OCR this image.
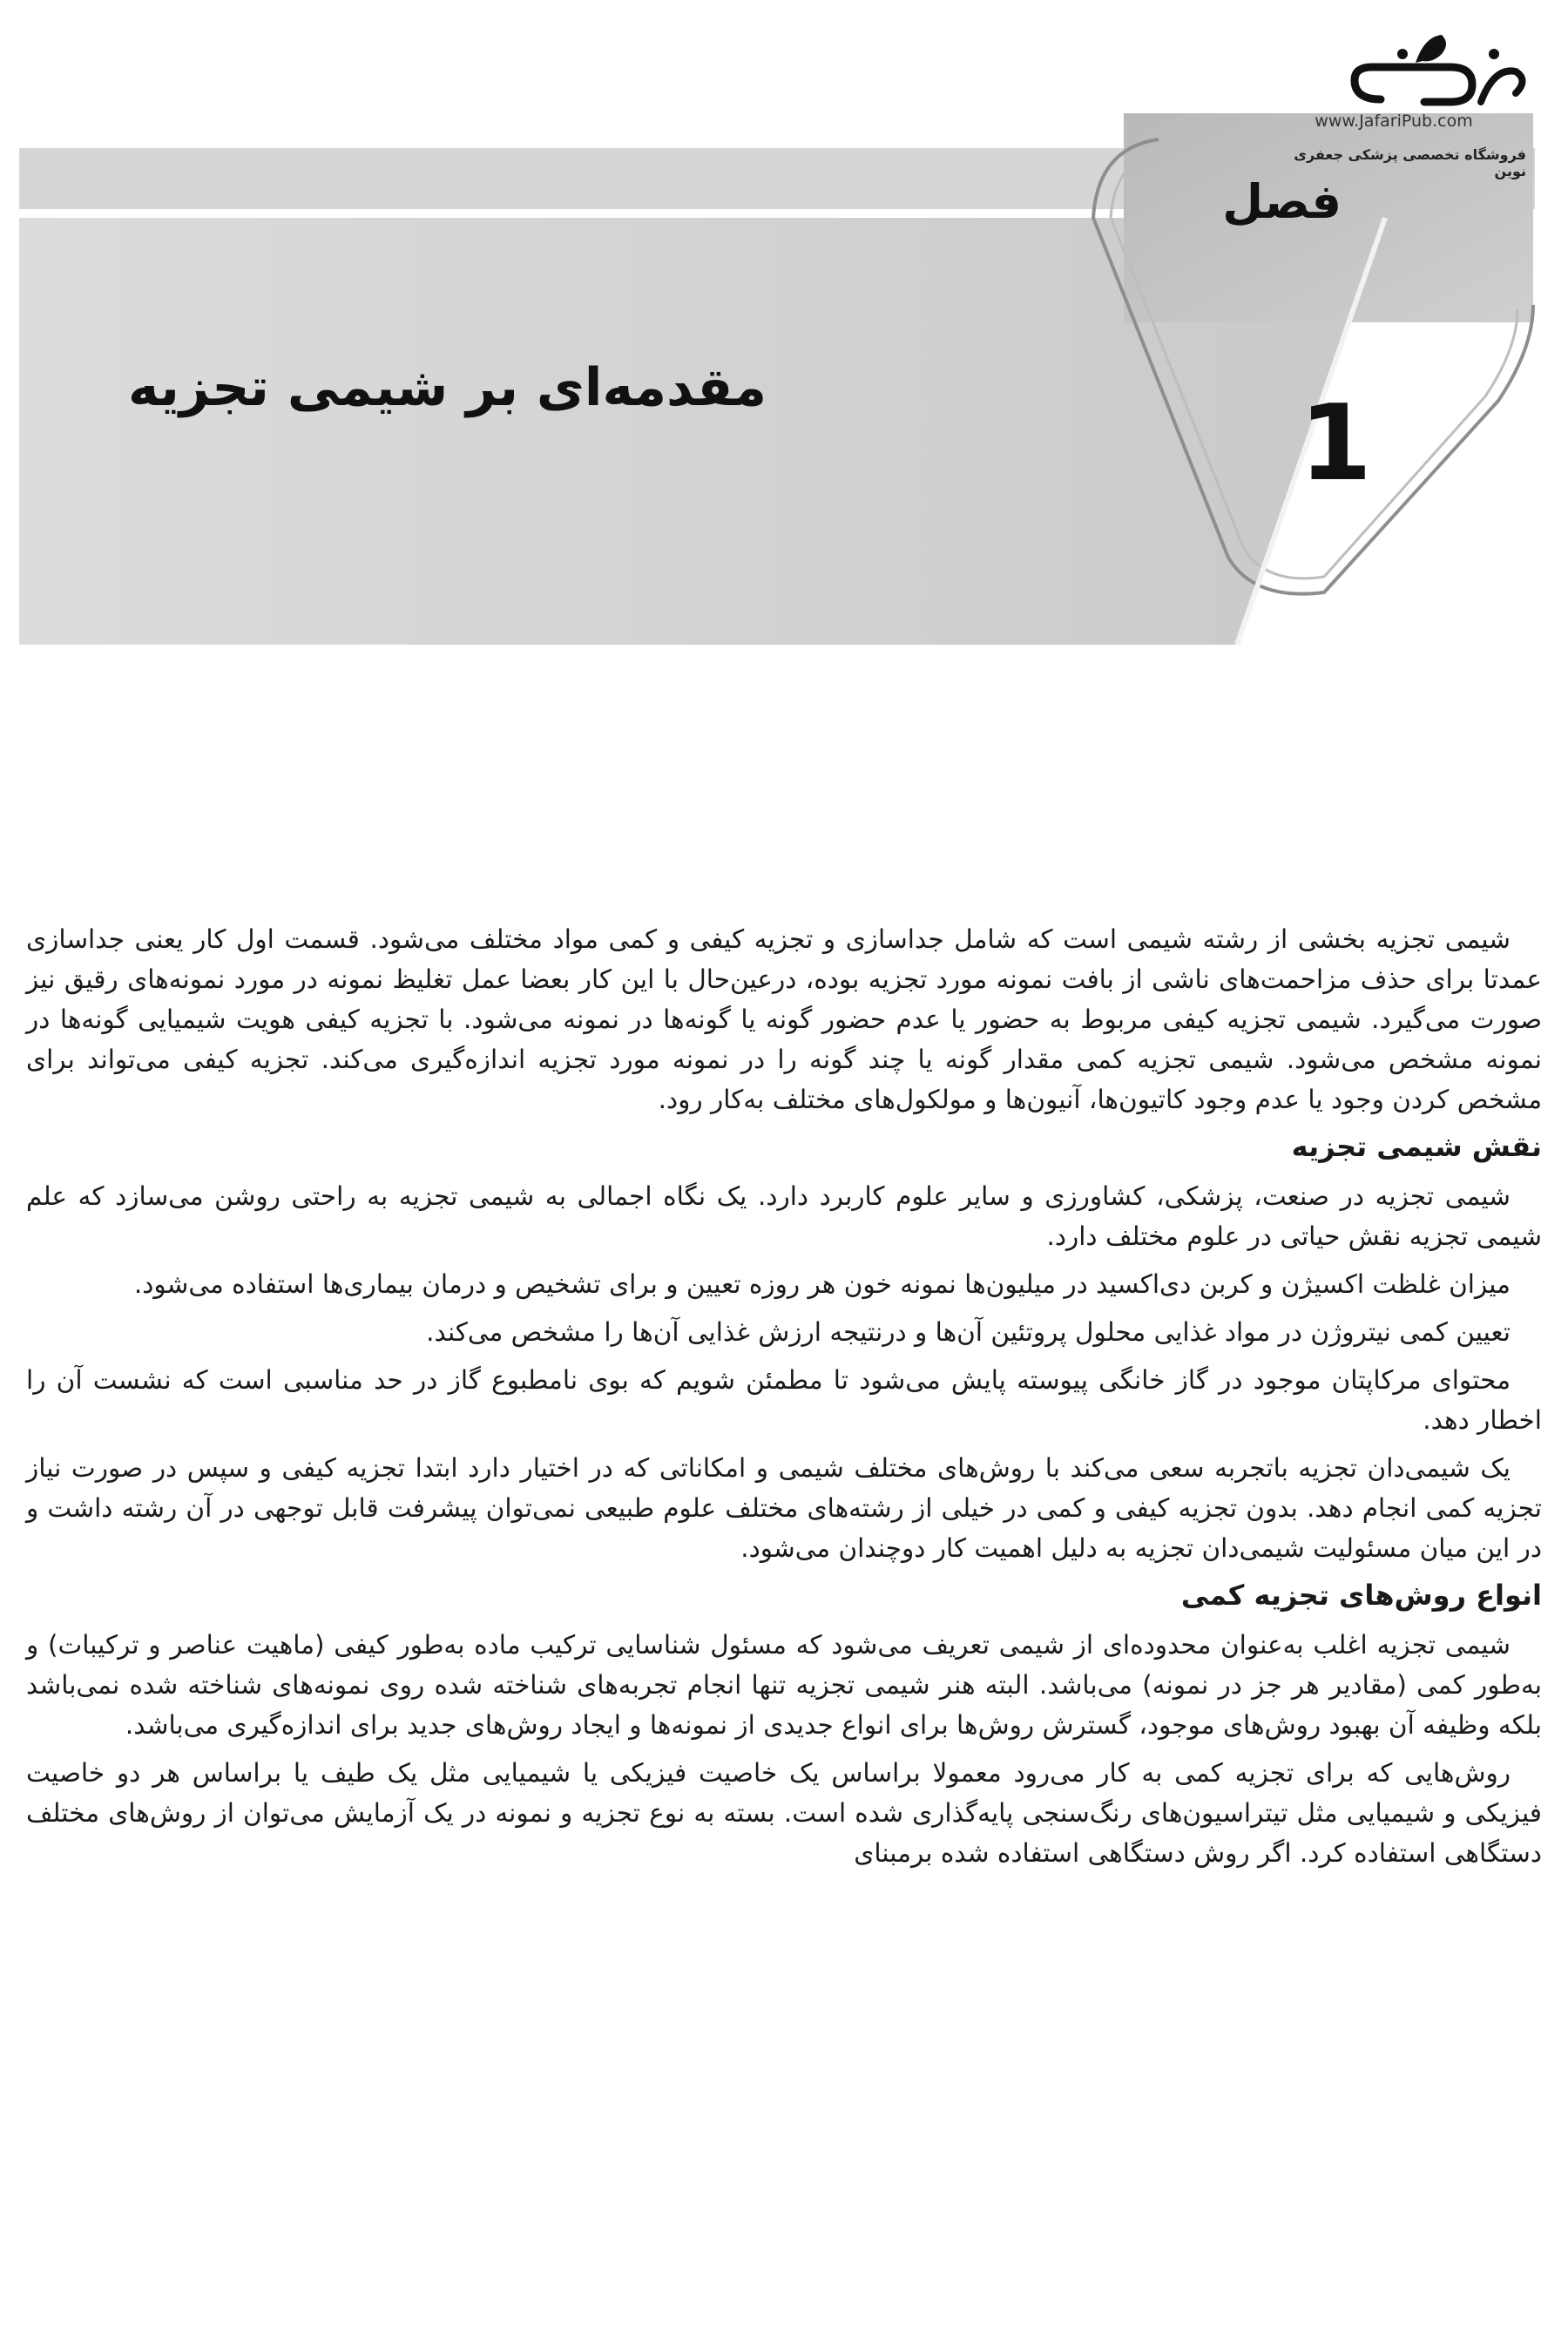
www.JafariPub.com
فروشگاه تخصصی پزشکی جعفری نوین
فصل
1
مقدمه‌ای بر شیمی تجزیه

شیمی تجزیه بخشی از رشته شیمی است که شامل جداسازی و تجزیه کیفی و کمی مواد مختلف می‌شود. قسمت اول کار یعنی جداسازی عمدتا برای حذف مزاحمت‌های ناشی از بافت نمونه مورد تجزیه بوده، درعین‌حال با این کار بعضا عمل تغلیظ نمونه در مورد نمونه‌های رقیق نیز صورت می‌گیرد. شیمی تجزیه کیفی مربوط به حضور یا عدم حضور گونه یا گونه‌ها در نمونه می‌شود. با تجزیه کیفی هویت شیمیایی گونه‌ها در نمونه مشخص می‌شود. شیمی تجزیه کمی مقدار گونه یا چند گونه را در نمونه مورد تجزیه اندازه‌گیری می‌کند. تجزیه کیفی می‌تواند برای مشخص کردن وجود یا عدم وجود کاتیون‌ها، آنیون‌ها و مولکول‌های مختلف به‌کار رود.

نقش شیمی تجزیه

شیمی تجزیه در صنعت، پزشکی، کشاورزی و سایر علوم کاربرد دارد. یک نگاه اجمالی به شیمی تجزیه به راحتی روشن می‌سازد که علم شیمی تجزیه نقش حیاتی در علوم مختلف دارد.

میزان غلظت اکسیژن و کربن دی‌اکسید در میلیون‌ها نمونه خون هر روزه تعیین و برای تشخیص و درمان بیماری‌ها استفاده می‌شود.

تعیین کمی نیتروژن در مواد غذایی محلول پروتئین آن‌ها و درنتیجه ارزش غذایی آن‌ها را مشخص می‌کند.

محتوای مرکاپتان موجود در گاز خانگی پیوسته پایش می‌شود تا مطمئن شویم که بوی نامطبوع گاز در حد مناسبی است که نشست آن را اخطار دهد.

یک شیمی‌دان تجزیه باتجربه سعی می‌کند با روش‌های مختلف شیمی و امکاناتی که در اختیار دارد ابتدا تجزیه کیفی و سپس در صورت نیاز تجزیه کمی انجام دهد. بدون تجزیه کیفی و کمی در خیلی از رشته‌های مختلف علوم طبیعی نمی‌توان پیشرفت قابل توجهی در آن رشته داشت و در این میان مسئولیت شیمی‌دان تجزیه به دلیل اهمیت کار دوچندان می‌شود.

انواع روش‌های تجزیه کمی

شیمی تجزیه اغلب به‌عنوان محدوده‌ای از شیمی تعریف می‌شود که مسئول شناسایی ترکیب ماده به‌طور کیفی (ماهیت عناصر و ترکیبات) و به‌طور کمی (مقادیر هر جز در نمونه) می‌باشد. البته هنر شیمی تجزیه تنها انجام تجربه‌های شناخته شده روی نمونه‌های شناخته شده نمی‌باشد بلکه وظیفه آن بهبود روش‌های موجود، گسترش روش‌ها برای انواع جدیدی از نمونه‌ها و ایجاد روش‌های جدید برای اندازه‌گیری می‌باشد.

روش‌هایی که برای تجزیه کمی به کار می‌رود معمولا براساس یک خاصیت فیزیکی یا شیمیایی مثل یک طیف یا براساس هر دو خاصیت فیزیکی و شیمیایی مثل تیتراسیون‌های رنگ‌سنجی پایه‌گذاری شده است. بسته به نوع تجزیه و نمونه در یک آزمایش می‌توان از روش‌های مختلف دستگاهی استفاده کرد. اگر روش دستگاهی استفاده شده برمبنای
